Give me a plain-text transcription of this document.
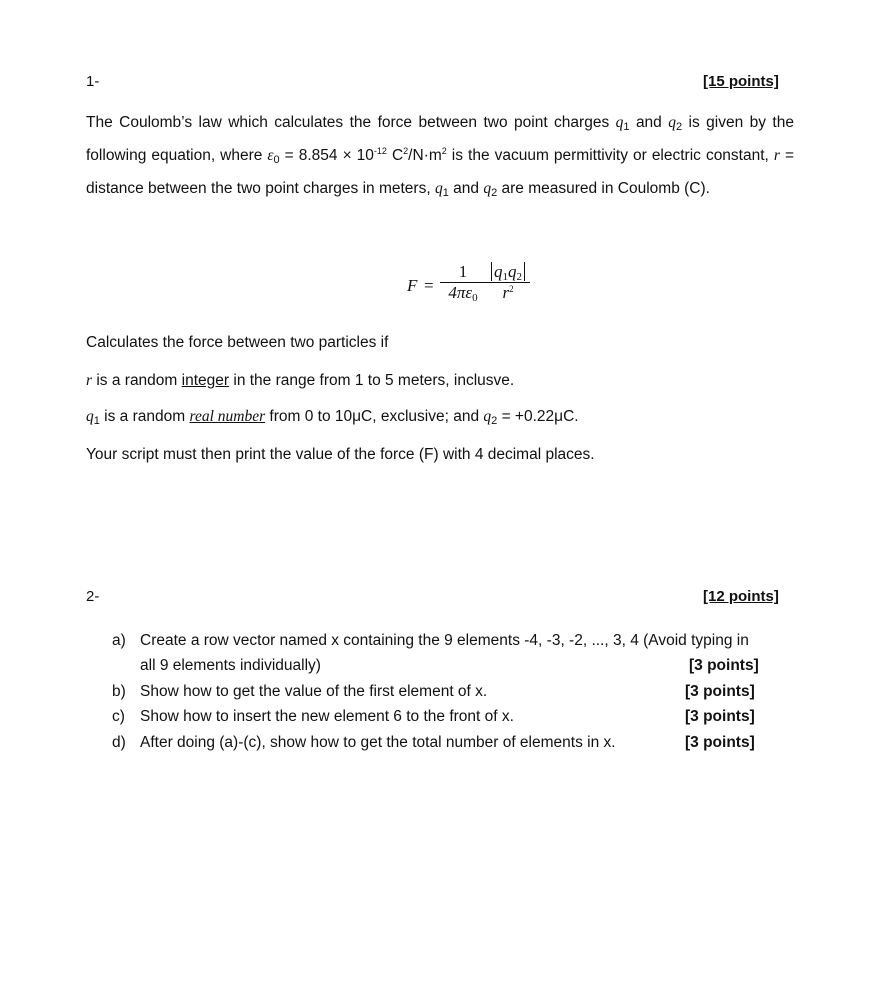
1-	[15 points]
The Coulomb’s law which calculates the force between two point charges $q_1$ and $q_2$ is given by the following equation, where $\varepsilon_0 = 8.854 \times 10^{-12}$ $C^2/N\cdot m^2$ is the vacuum permittivity or electric constant, r = distance between the two point charges in meters, $q_1$ and $q_2$ are measured in Coulomb (C).
$F = \frac{1}{4\pi\varepsilon_0} \frac{q_1q_2}{r^2}$
Calculates the force between two particles if
r is a random integer in the range from 1 to 5 meters, inclusve.
$q_1$ is a random real number from 0 to 10μC, exclusive; and $q_2 = +0.22\mu C$.
Your script must then print the value of the force (F) with 4 decimal places.
2-	[12 points]
a) Create a row vector named x containing the 9 elements -4, -3, -2, ..., 3, 4 (Avoid typing in
all 9 elements individually)	[3 points]
b) Show how to get the value of the first element of x.	[3 points]
c) Show how to insert the new element 6 to the front of x.	[3 points]
d) After doing (a)-(c), show how to get the total number of elements in x.	[3 points]
